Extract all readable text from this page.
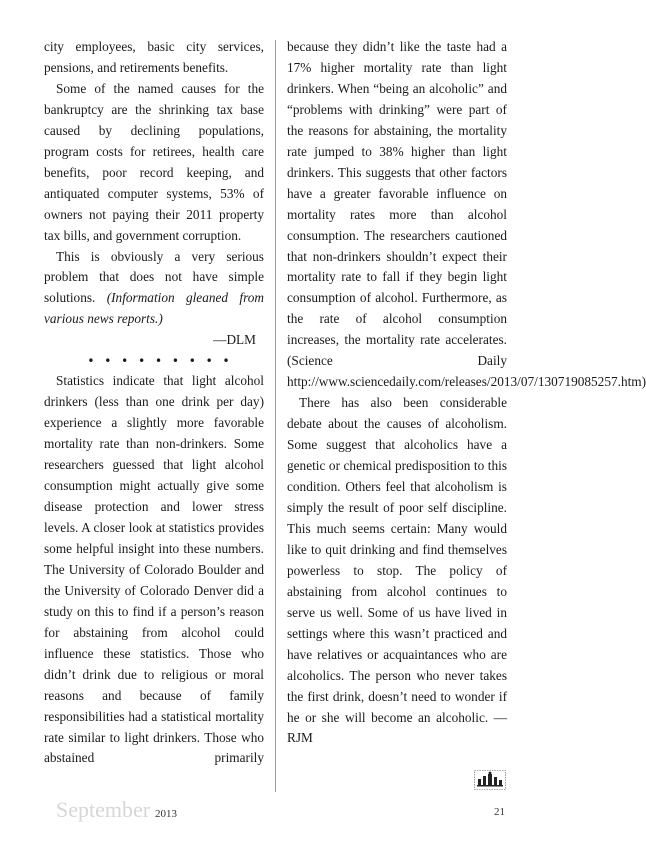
city employees, basic city services, pensions, and retirements benefits.

Some of the named causes for the bankruptcy are the shrinking tax base caused by declining populations, program costs for retirees, health care benefits, poor record keeping, and antiquated computer systems, 53% of owners not paying their 2011 property tax bills, and government corruption.

This is obviously a very serious problem that does not have simple solutions. (Information gleaned from various news reports.)

—DLM

• • • • • • • • •

Statistics indicate that light alcohol drinkers (less than one drink per day) experience a slightly more favorable mortality rate than non-drinkers. Some researchers guessed that light alcohol consumption might actually give some disease protection and lower stress levels. A closer look at statistics provides some helpful insight into these numbers. The University of Colorado Boulder and the University of Colorado Denver did a study on this to find if a person’s reason for abstaining from alcohol could influence these statistics. Those who didn’t drink due to religious or moral reasons and because of family responsibilities had a statistical mortality rate similar to light drinkers. Those who abstained primarily

because they didn’t like the taste had a 17% higher mortality rate than light drinkers. When “being an alcoholic” and “problems with drinking” were part of the reasons for abstaining, the mortality rate jumped to 38% higher than light drinkers. This suggests that other factors have a greater favorable influence on mortality rates more than alcohol consumption. The researchers cautioned that non-drinkers shouldn’t expect their mortality rate to fall if they begin light consumption of alcohol. Furthermore, as the rate of alcohol consumption increases, the mortality rate accelerates. (Science Daily http://www.sciencedaily.com/releases/2013/07/130719085257.htm)

There has also been considerable debate about the causes of alcoholism. Some suggest that alcoholics have a genetic or chemical predisposition to this condition. Others feel that alcoholism is simply the result of poor self discipline. This much seems certain: Many would like to quit drinking and find themselves powerless to stop. The policy of abstaining from alcohol continues to serve us well. Some of us have lived in settings where this wasn’t practiced and have relatives or acquaintances who are alcoholics. The person who never takes the first drink, doesn’t need to wonder if he or she will become an alcoholic. —RJM

September 2013	21
